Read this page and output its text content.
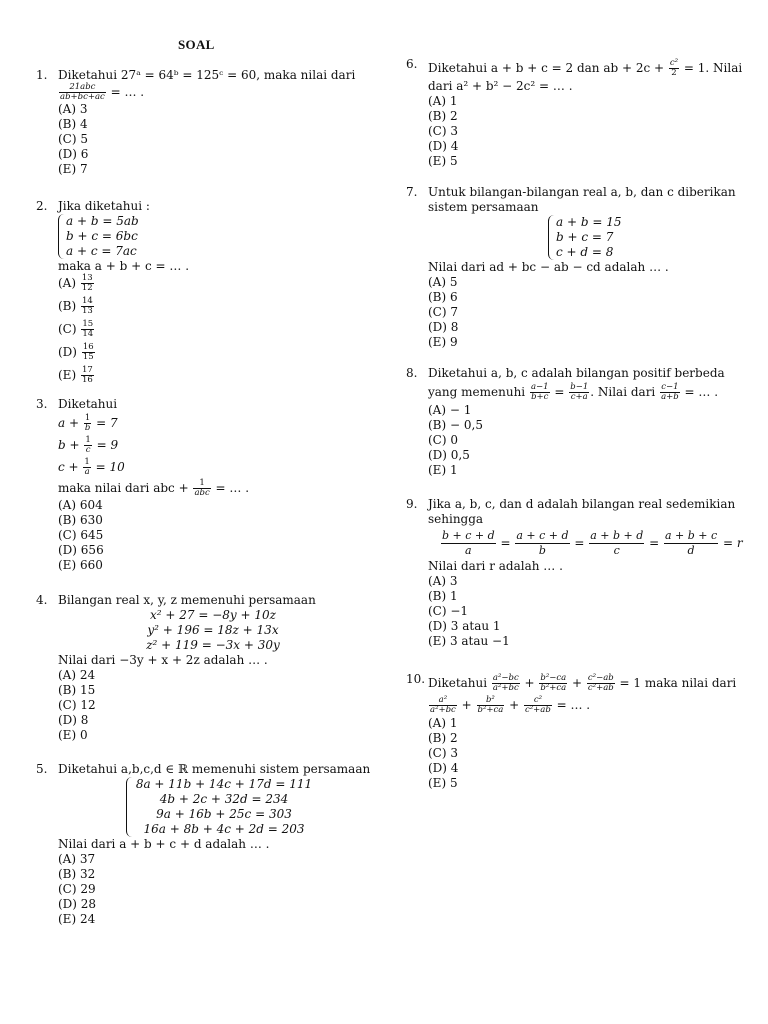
SOAL
1. Diketahui 27ᵃ = 64ᵇ = 125ᶜ = 60, maka nilai dari
$\frac{\text{21abc}}{ab+bc+ac}$ = … .
(A) 3
(B) 4
(C) 5
(D) 6
(E) 7
2. Jika diketahui :
a + b = 5ab
b + c = 6bc
a + c = 7ac
maka a + b + c = … .
$(A) \frac{13}{12}$
$(B) \frac{14}{13}$
$(C) \frac{15}{14}$
$(D) \frac{16}{15}$
$(E) \frac{17}{16}$
3. Diketahui
$a + \frac{1}{b} = 7$
$b + \frac{1}{c} = 9$
$c + \frac{1}{a} = 10$
maka nilai dari abc + $\frac{1}{\text{abc}}$ = … .
(A) 604
(B) 630
(C) 645
(D) 656
(E) 660
4. Bilangan real x, y, z memenuhi persamaan
x² + 27 = −8y + 10z
y² + 196 = 18z + 13x
z² + 119 = −3x + 30y
Nilai dari −3y + x + 2z adalah … .
(A) 24
(B) 15
(C) 12
(D) 8
(E) 0
5. Diketahui a,b,c,d ∈ ℝ memenuhi sistem persamaan
8a + 11b + 14c + 17d = 111
4b + 2c + 32d = 234
9a + 16b + 25c = 303
16a + 8b + 4c + 2d = 203
Nilai dari a + b + c + d adalah … .
(A) 37
(B) 32
(C) 29
(D) 28
(E) 24
6. Diketahui a + b + c = 2 dan ab + $2c + \frac{\text{c²}}{2} = 1$. Nilai
dari a² + b² − 2c² = … .
(A) 1
(B) 2
(C) 3
(D) 4
(E) 5
7. Untuk bilangan-bilangan real a, b, dan c diberikan
sistem persamaan
a + b = 15
b + c = 7
c + d = 8
Nilai dari ad + bc − ab − cd adalah … .
(A) 5
(B) 6
(C) 7
(D) 8
(E) 9
8. Diketahui a, b, c adalah bilangan positif berbeda
yang memenuhi $\frac{a-1}{b+c} = \frac{b-1}{c+a}$ . Nilai dari $\frac{c-1}{a+b}$ = … .
(A) − 1
(B) − 0,5
(C) 0
(D) 0,5
(E) 1
9. Jika a, b, c, dan d adalah bilangan real sedemikian
sehingga
$\frac{b + c + d}{a} = \frac{a + c + d}{b} = \frac{a + b + d}{c} = \frac{a + b + c}{d} = r$
Nilai dari r adalah … .
(A) 3
(B) 1
(C) −1
(D) 3 atau 1
(E) 3 atau −1
10. Diketahui $\frac{\text{a²−bc}}{\text{a²+bc}} + \frac{\text{b²−ca}}{\text{b²+ca}} + \frac{\text{c²−ab}}{\text{c²+ab}} = 1$ maka nilai dari
$\frac{\text{a²}}{\text{a²+bc}} + \frac{\text{b²}}{\text{b²+ca}} + \frac{\text{c²}}{\text{c²+ab}}$ = … .
(A) 1
(B) 2
(C) 3
(D) 4
(E) 5
